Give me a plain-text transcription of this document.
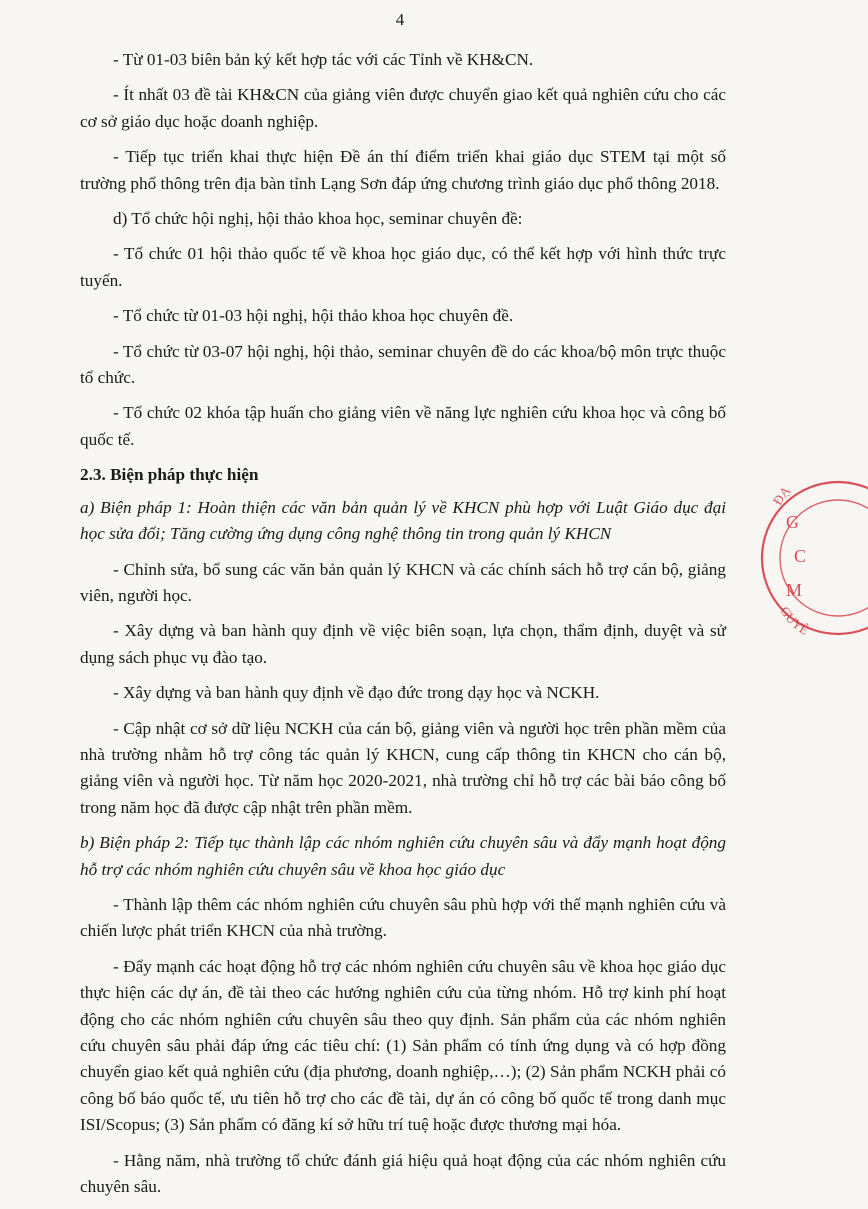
4

- Từ 01-03 biên bản ký kết hợp tác với các Tỉnh về KH&CN.

- Ít nhất 03 đề tài KH&CN của giảng viên được chuyển giao kết quả nghiên cứu cho các cơ sở giáo dục hoặc doanh nghiệp.

- Tiếp tục triển khai thực hiện Đề án thí điểm triển khai giáo dục STEM tại một số trường phổ thông trên địa bàn tỉnh Lạng Sơn đáp ứng chương trình giáo dục phổ thông 2018.

d) Tổ chức hội nghị, hội thảo khoa học, seminar chuyên đề:

- Tổ chức 01 hội thảo quốc tế về khoa học giáo dục, có thể kết hợp với hình thức trực tuyến.

- Tổ chức từ 01-03 hội nghị, hội thảo khoa học chuyên đề.

- Tổ chức từ 03-07 hội nghị, hội thảo, seminar chuyên đề do các khoa/bộ môn trực thuộc tổ chức.

- Tổ chức 02 khóa tập huấn cho giảng viên về năng lực nghiên cứu khoa học và công bố quốc tế.

2.3. Biện pháp thực hiện

a) Biện pháp 1: Hoàn thiện các văn bản quản lý về KHCN phù hợp với Luật Giáo dục đại học sửa đổi; Tăng cường ứng dụng công nghệ thông tin trong quản lý KHCN

- Chỉnh sửa, bổ sung các văn bản quản lý KHCN và các chính sách hỗ trợ cán bộ, giảng viên, người học.

- Xây dựng và ban hành quy định về việc biên soạn, lựa chọn, thẩm định, duyệt và sử dụng sách phục vụ đào tạo.

- Xây dựng và ban hành quy định về đạo đức trong dạy học và NCKH.

- Cập nhật cơ sở dữ liệu NCKH của cán bộ, giảng viên và người học trên phần mềm của nhà trường nhằm hỗ trợ công tác quản lý KHCN, cung cấp thông tin KHCN cho cán bộ, giảng viên và người học. Từ năm học 2020-2021, nhà trường chỉ hỗ trợ các bài báo công bố trong năm học đã được cập nhật trên phần mềm.

b) Biện pháp 2: Tiếp tục thành lập các nhóm nghiên cứu chuyên sâu và đẩy mạnh hoạt động hỗ trợ các nhóm nghiên cứu chuyên sâu về khoa học giáo dục

- Thành lập thêm các nhóm nghiên cứu chuyên sâu phù hợp với thế mạnh nghiên cứu và chiến lược phát triển KHCN của nhà trường.

- Đẩy mạnh các hoạt động hỗ trợ các nhóm nghiên cứu chuyên sâu về khoa học giáo dục thực hiện các dự án, đề tài theo các hướng nghiên cứu của từng nhóm. Hỗ trợ kinh phí hoạt động cho các nhóm nghiên cứu chuyên sâu theo quy định. Sản phẩm của các nhóm nghiên cứu chuyên sâu phải đáp ứng các tiêu chí: (1) Sản phẩm có tính ứng dụng và có hợp đồng chuyển giao kết quả nghiên cứu (địa phương, doanh nghiệp,…); (2) Sản phẩm NCKH phải có công bố báo quốc tế, ưu tiên hỗ trợ cho các đề tài, dự án có công bố quốc tế trong danh mục ISI/Scopus; (3) Sản phẩm có đăng kí sở hữu trí tuệ hoặc được thương mại hóa.

- Hằng năm, nhà trường tổ chức đánh giá hiệu quả hoạt động của các nhóm nghiên cứu chuyên sâu.

ĐẠ
GUYÊ
G
C
M
